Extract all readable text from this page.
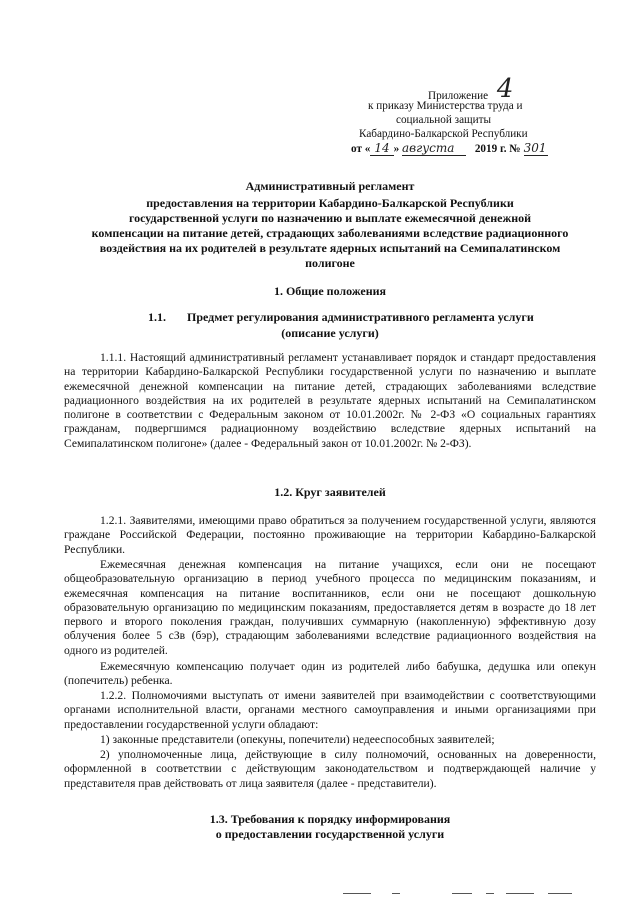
Приложение 4
к приказу Министерства труда и
социальной защиты
Кабардино-Балкарской Республики
от « 14 » августа 2019 г. № 301
Административный регламент
предоставления на территории Кабардино-Балкарской Республики
государственной услуги по назначению и выплате ежемесячной денежной
компенсации на питание детей, страдающих заболеваниями вследствие радиационного
воздействия на их родителей в результате ядерных испытаний на Семипалатинском
полигоне
1. Общие положения
1.1. Предмет регулирования административного регламента услуги
(описание услуги)
1.1.1. Настоящий административный регламент устанавливает порядок и стандарт предоставления на территории Кабардино-Балкарской Республики государственной услуги по назначению и выплате ежемесячной денежной компенсации на питание детей, страдающих заболеваниями вследствие радиационного воздействия на их родителей в результате ядерных испытаний на Семипалатинском полигоне в соответствии с Федеральным законом от 10.01.2002г. № 2-ФЗ «О социальных гарантиях гражданам, подвергшимся радиационному воздействию вследствие ядерных испытаний на Семипалатинском полигоне» (далее - Федеральный закон от 10.01.2002г. № 2-ФЗ).
1.2. Круг заявителей
1.2.1. Заявителями, имеющими право обратиться за получением государственной услуги, являются граждане Российской Федерации, постоянно проживающие на территории Кабардино-Балкарской Республики.
Ежемесячная денежная компенсация на питание учащихся, если они не посещают общеобразовательную организацию в период учебного процесса по медицинским показаниям, и ежемесячная компенсация на питание воспитанников, если они не посещают дошкольную образовательную организацию по медицинским показаниям, предоставляется детям в возрасте до 18 лет первого и второго поколения граждан, получивших суммарную (накопленную) эффективную дозу облучения более 5 сЗв (бэр), страдающим заболеваниями вследствие радиационного воздействия на одного из родителей.
Ежемесячную компенсацию получает один из родителей либо бабушка, дедушка или опекун (попечитель) ребенка.
1.2.2. Полномочиями выступать от имени заявителей при взаимодействии с соответствующими органами исполнительной власти, органами местного самоуправления и иными организациями при предоставлении государственной услуги обладают:
1) законные представители (опекуны, попечители) недееспособных заявителей;
2) уполномоченные лица, действующие в силу полномочий, основанных на доверенности, оформленной в соответствии с действующим законодательством и подтверждающей наличие у представителя прав действовать от лица заявителя (далее - представители).
1.3. Требования к порядку информирования
о предоставлении государственной услуги
